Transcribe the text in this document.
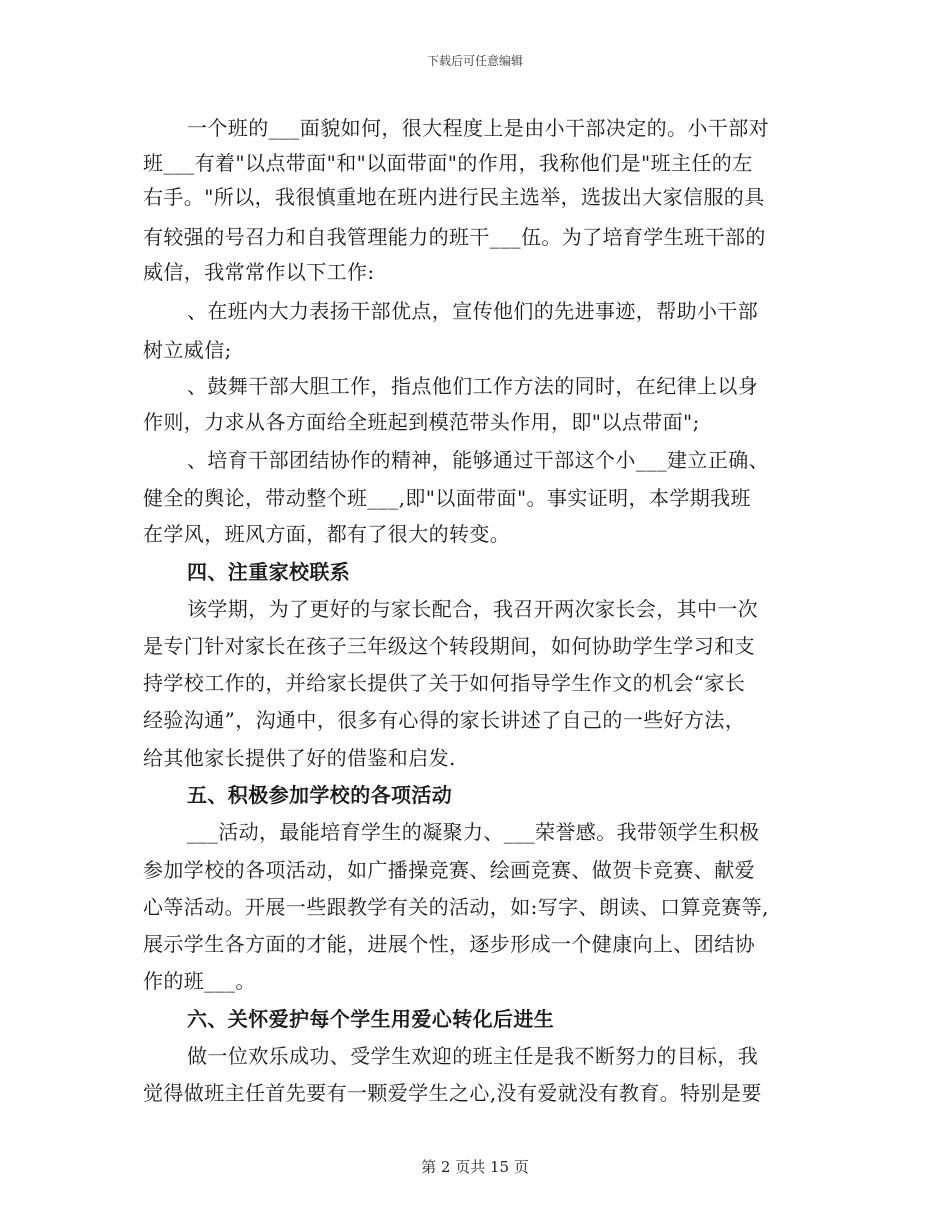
下载后可任意编辑
一个班的___面貌如何，很大程度上是由小干部决定的。小干部对
班___有着"以点带面"和"以面带面"的作用，我称他们是"班主任的左
右手。"所以，我很慎重地在班内进行民主选举，选拔出大家信服的具
有较强的号召力和自我管理能力的班干___伍。为了培育学生班干部的
威信，我常常作以下工作:
、在班内大力表扬干部优点，宣传他们的先进事迹，帮助小干部
树立威信;
、鼓舞干部大胆工作，指点他们工作方法的同时，在纪律上以身
作则，力求从各方面给全班起到模范带头作用，即"以点带面";
、培育干部团结协作的精神，能够通过干部这个小___建立正确、
健全的舆论，带动整个班___,即"以面带面"。事实证明，本学期我班
在学风，班风方面，都有了很大的转变。
四、注重家校联系
该学期，为了更好的与家长配合，我召开两次家长会，其中一次
是专门针对家长在孩子三年级这个转段期间，如何协助学生学习和支
持学校工作的，并给家长提供了关于如何指导学生作文的机会“家长
经验沟通”，沟通中，很多有心得的家长讲述了自己的一些好方法，
给其他家长提供了好的借鉴和启发.
五、积极参加学校的各项活动
___活动，最能培育学生的凝聚力、___荣誉感。我带领学生积极
参加学校的各项活动，如广播操竞赛、绘画竞赛、做贺卡竞赛、献爱
心等活动。开展一些跟教学有关的活动，如:写字、朗读、口算竞赛等,
展示学生各方面的才能，进展个性，逐步形成一个健康向上、团结协
作的班___。
六、关怀爱护每个学生用爱心转化后进生
做一位欢乐成功、受学生欢迎的班主任是我不断努力的目标，我
觉得做班主任首先要有一颗爱学生之心,没有爱就没有教育。特别是要
第 2 页共 15 页
